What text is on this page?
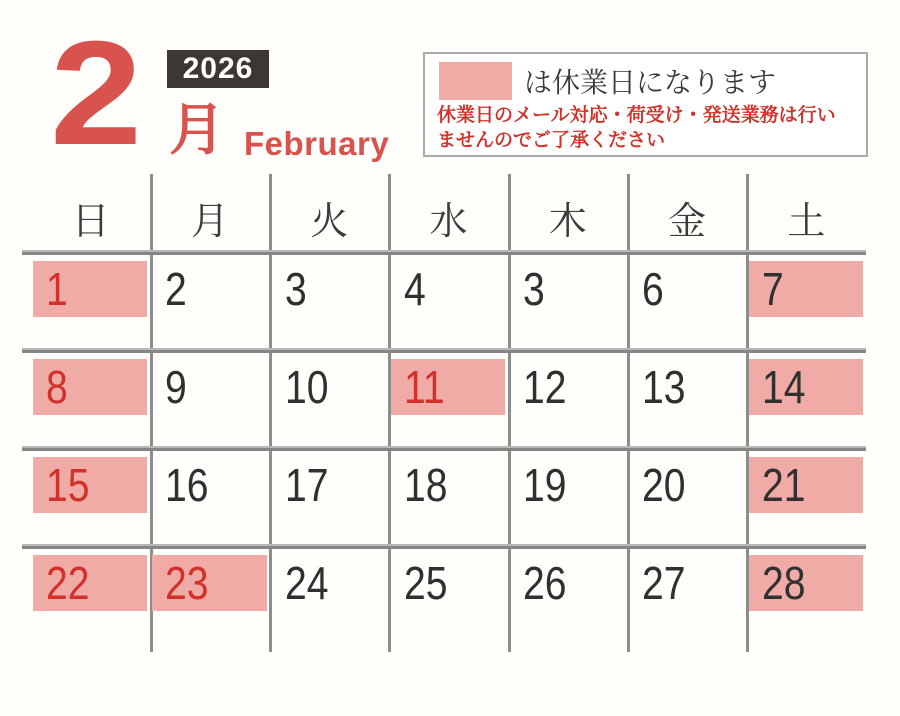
2 2026
月 February
は休業日になります
休業日のメール対応・荷受け・発送業務は行い
ませんのでご了承ください
日	月	火	水	木	金	土
1 2 3 4 3 6 7
8 9 10 11 12 13 14
15 16 17 18 19 20 21
22 23 24 25 26 27 28
